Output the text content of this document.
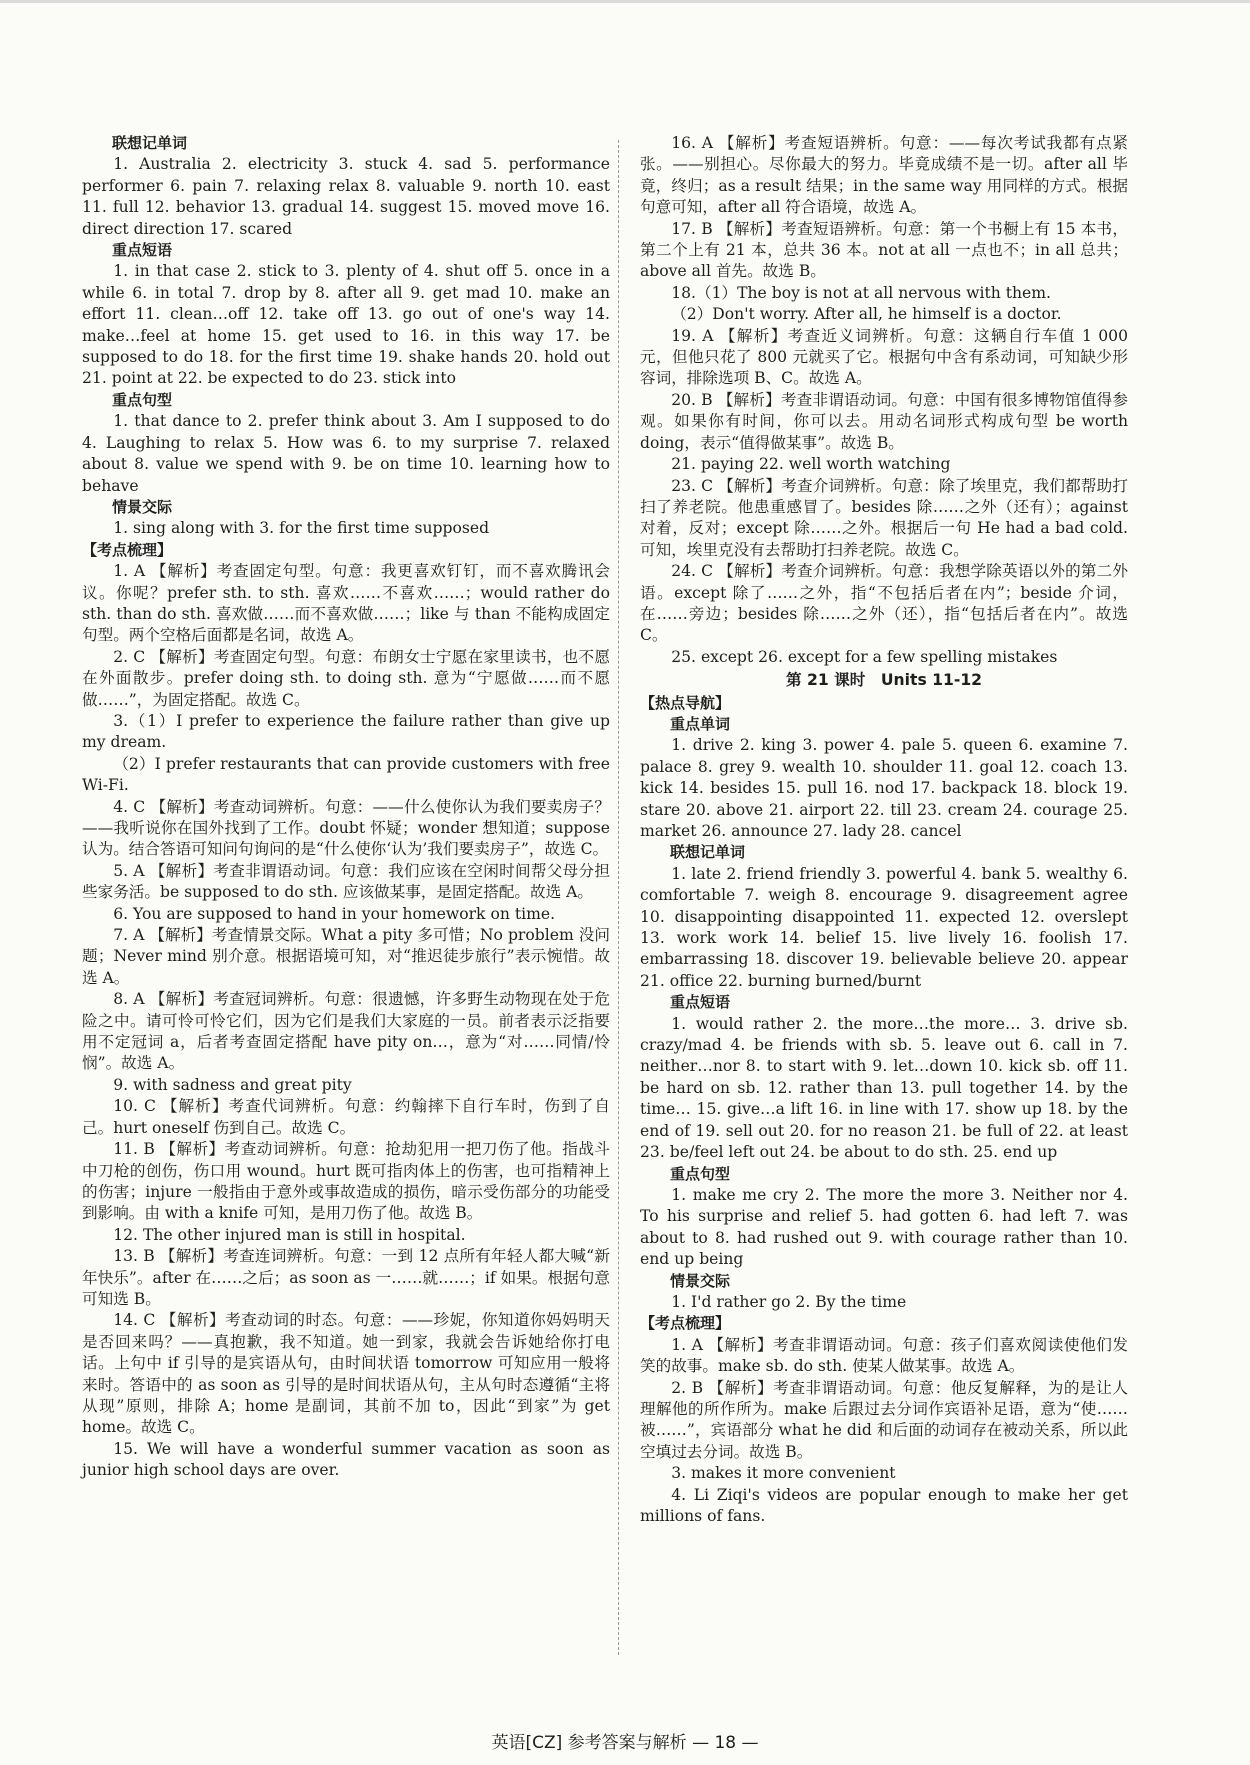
联想记单词

1. Australia 2. electricity 3. stuck 4. sad 5. performance performer 6. pain 7. relaxing relax 8. valuable 9. north 10. east 11. full 12. behavior 13. gradual 14. suggest 15. moved move 16. direct direction 17. scared

重点短语

1. in that case 2. stick to 3. plenty of 4. shut off 5. once in a while 6. in total 7. drop by 8. after all 9. get mad 10. make an effort 11. clean…off 12. take off 13. go out of one's way 14. make…feel at home 15. get used to 16. in this way 17. be supposed to do 18. for the first time 19. shake hands 20. hold out 21. point at 22. be expected to do 23. stick into

重点句型

1. that dance to 2. prefer think about 3. Am I supposed to do 4. Laughing to relax 5. How was 6. to my surprise 7. relaxed about 8. value we spend with 9. be on time 10. learning how to behave

情景交际

1. sing along with 3. for the first time supposed

【考点梳理】

1. A 【解析】考查固定句型。句意：我更喜欢钉钉，而不喜欢腾讯会议。你呢？prefer sth. to sth. 喜欢……不喜欢……；would rather do sth. than do sth. 喜欢做……而不喜欢做……；like 与 than 不能构成固定句型。两个空格后面都是名词，故选 A。

2. C 【解析】考查固定句型。句意：布朗女士宁愿在家里读书，也不愿在外面散步。prefer doing sth. to doing sth. 意为“宁愿做……而不愿做……”，为固定搭配。故选 C。

3.（1）I prefer to experience the failure rather than give up my dream.

（2）I prefer restaurants that can provide customers with free Wi-Fi.

4. C 【解析】考查动词辨析。句意：——什么使你认为我们要卖房子？——我听说你在国外找到了工作。doubt 怀疑；wonder 想知道；suppose 认为。结合答语可知问句询问的是“什么使你‘认为’我们要卖房子”，故选 C。

5. A 【解析】考查非谓语动词。句意：我们应该在空闲时间帮父母分担些家务活。be supposed to do sth. 应该做某事，是固定搭配。故选 A。

6. You are supposed to hand in your homework on time.

7. A 【解析】考查情景交际。What a pity 多可惜；No problem 没问题；Never mind 别介意。根据语境可知，对“推迟徒步旅行”表示惋惜。故选 A。

8. A 【解析】考查冠词辨析。句意：很遗憾，许多野生动物现在处于危险之中。请可怜可怜它们，因为它们是我们大家庭的一员。前者表示泛指要用不定冠词 a，后者考查固定搭配 have pity on…，意为“对……同情/怜悯”。故选 A。

9. with sadness and great pity

10. C 【解析】考查代词辨析。句意：约翰摔下自行车时，伤到了自己。hurt oneself 伤到自己。故选 C。

11. B 【解析】考查动词辨析。句意：抢劫犯用一把刀伤了他。指战斗中刀枪的创伤，伤口用 wound。hurt 既可指肉体上的伤害，也可指精神上的伤害；injure 一般指由于意外或事故造成的损伤，暗示受伤部分的功能受到影响。由 with a knife 可知，是用刀伤了他。故选 B。

12. The other injured man is still in hospital.

13. B 【解析】考查连词辨析。句意：一到 12 点所有年轻人都大喊“新年快乐”。after 在……之后；as soon as 一……就……；if 如果。根据句意可知选 B。

14. C 【解析】考查动词的时态。句意：——珍妮，你知道你妈妈明天是否回来吗？——真抱歉，我不知道。她一到家，我就会告诉她给你打电话。上句中 if 引导的是宾语从句，由时间状语 tomorrow 可知应用一般将来时。答语中的 as soon as 引导的是时间状语从句，主从句时态遵循“主将从现”原则，排除 A；home 是副词，其前不加 to，因此“到家”为 get home。故选 C。

15. We will have a wonderful summer vacation as soon as junior high school days are over.

16. A 【解析】考查短语辨析。句意：——每次考试我都有点紧张。——别担心。尽你最大的努力。毕竟成绩不是一切。after all 毕竟，终归；as a result 结果；in the same way 用同样的方式。根据句意可知，after all 符合语境，故选 A。

17. B 【解析】考查短语辨析。句意：第一个书橱上有 15 本书，第二个上有 21 本，总共 36 本。not at all 一点也不；in all 总共；above all 首先。故选 B。

18.（1）The boy is not at all nervous with them.

（2）Don't worry. After all, he himself is a doctor.

19. A 【解析】考查近义词辨析。句意：这辆自行车值 1 000 元，但他只花了 800 元就买了它。根据句中含有系动词，可知缺少形容词，排除选项 B、C。故选 A。

20. B 【解析】考查非谓语动词。句意：中国有很多博物馆值得参观。如果你有时间，你可以去。用动名词形式构成句型 be worth doing，表示“值得做某事”。故选 B。

21. paying 22. well worth watching

23. C 【解析】考查介词辨析。句意：除了埃里克，我们都帮助打扫了养老院。他患重感冒了。besides 除……之外（还有）；against 对着，反对；except 除……之外。根据后一句 He had a bad cold. 可知，埃里克没有去帮助打扫养老院。故选 C。

24. C 【解析】考查介词辨析。句意：我想学除英语以外的第二外语。except 除了……之外，指“不包括后者在内”；beside 介词，在……旁边；besides 除……之外（还），指“包括后者在内”。故选 C。

25. except 26. except for a few spelling mistakes

第 21 课时　Units 11-12

【热点导航】

重点单词

1. drive 2. king 3. power 4. pale 5. queen 6. examine 7. palace 8. grey 9. wealth 10. shoulder 11. goal 12. coach 13. kick 14. besides 15. pull 16. nod 17. backpack 18. block 19. stare 20. above 21. airport 22. till 23. cream 24. courage 25. market 26. announce 27. lady 28. cancel

联想记单词

1. late 2. friend friendly 3. powerful 4. bank 5. wealthy 6. comfortable 7. weigh 8. encourage 9. disagreement agree 10. disappointing disappointed 11. expected 12. overslept 13. work work 14. belief 15. live lively 16. foolish 17. embarrassing 18. discover 19. believable believe 20. appear 21. office 22. burning burned/burnt

重点短语

1. would rather 2. the more…the more… 3. drive sb. crazy/mad 4. be friends with sb. 5. leave out 6. call in 7. neither…nor 8. to start with 9. let…down 10. kick sb. off 11. be hard on sb. 12. rather than 13. pull together 14. by the time… 15. give…a lift 16. in line with 17. show up 18. by the end of 19. sell out 20. for no reason 21. be full of 22. at least 23. be/feel left out 24. be about to do sth. 25. end up

重点句型

1. make me cry 2. The more the more 3. Neither nor 4. To his surprise and relief 5. had gotten 6. had left 7. was about to 8. had rushed out 9. with courage rather than 10. end up being

情景交际

1. I'd rather go 2. By the time

【考点梳理】

1. A 【解析】考查非谓语动词。句意：孩子们喜欢阅读使他们发笑的故事。make sb. do sth. 使某人做某事。故选 A。

2. B 【解析】考查非谓语动词。句意：他反复解释，为的是让人理解他的所作所为。make 后跟过去分词作宾语补足语，意为“使……被……”，宾语部分 what he did 和后面的动词存在被动关系，所以此空填过去分词。故选 B。

3. makes it more convenient

4. Li Ziqi's videos are popular enough to make her get millions of fans.

英语[CZ] 参考答案与解析 — 18 —
